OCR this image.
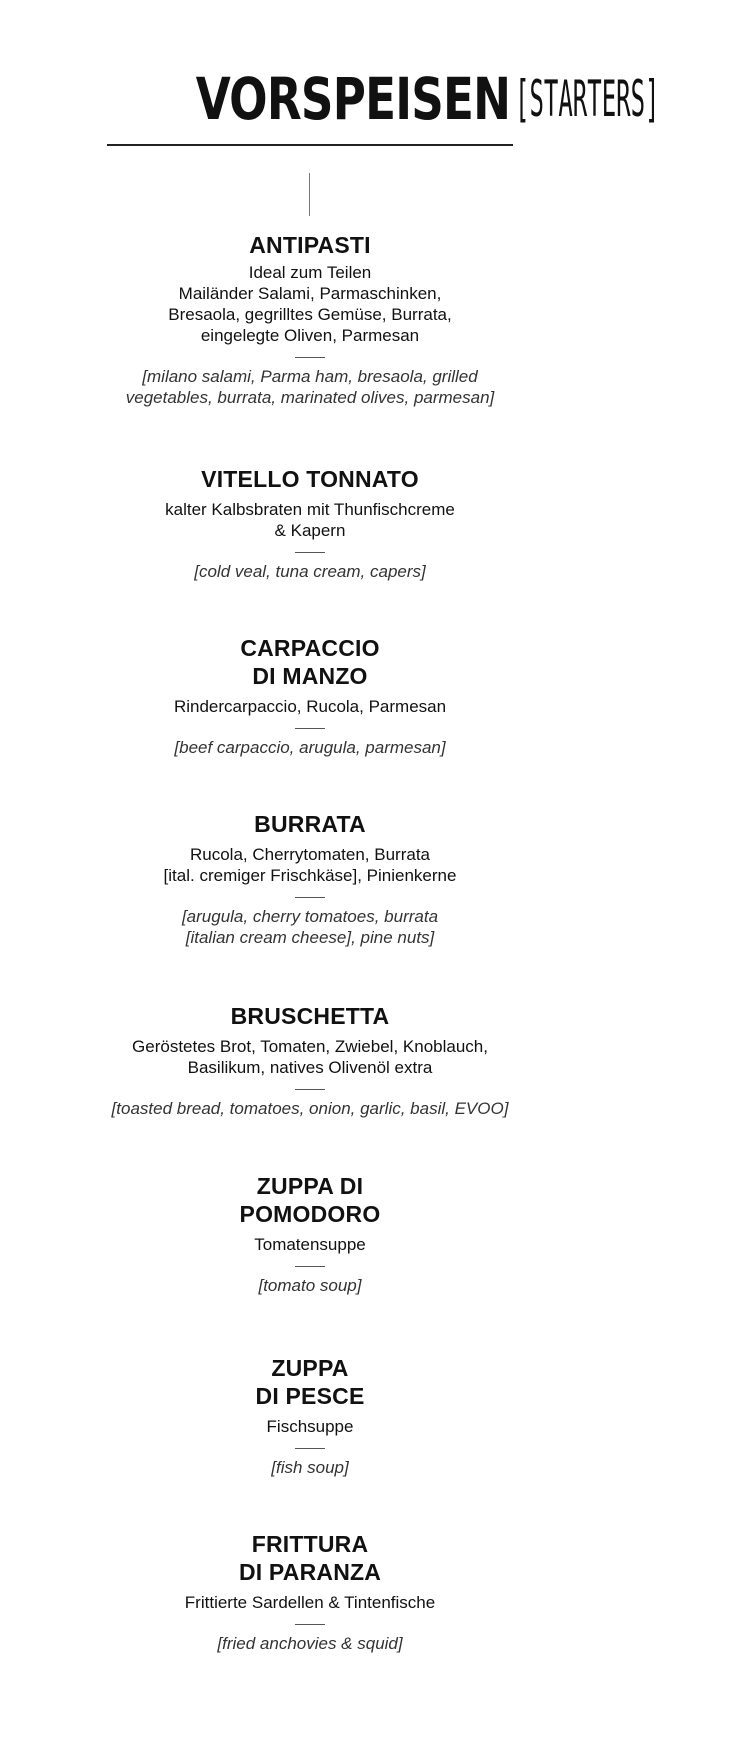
VORSPEISEN [STARTERS]
ANTIPASTI
Ideal zum Teilen
Mailänder Salami, Parmaschinken,
Bresaola, gegrilltes Gemüse, Burrata,
eingelegte Oliven, Parmesan
[milano salami, Parma ham, bresaola, grilled
vegetables, burrata, marinated olives, parmesan]
VITELLO TONNATO
kalter Kalbsbraten mit Thunfischcreme
& Kapern
[cold veal, tuna cream, capers]
CARPACCIO
DI MANZO
Rindercarpaccio, Rucola, Parmesan
[beef carpaccio, arugula, parmesan]
BURRATA
Rucola, Cherrytomaten, Burrata
[ital. cremiger Frischkäse], Pinienkerne
[arugula, cherry tomatoes, burrata
[italian cream cheese], pine nuts]
BRUSCHETTA
Geröstetes Brot, Tomaten, Zwiebel, Knoblauch,
Basilikum, natives Olivenöl extra
[toasted bread, tomatoes, onion, garlic, basil, EVOO]
ZUPPA DI
POMODORO
Tomatensuppe
[tomato soup]
ZUPPA
DI PESCE
Fischsuppe
[fish soup]
FRITTURA
DI PARANZA
Frittierte Sardellen & Tintenfische
[fried anchovies & squid]
